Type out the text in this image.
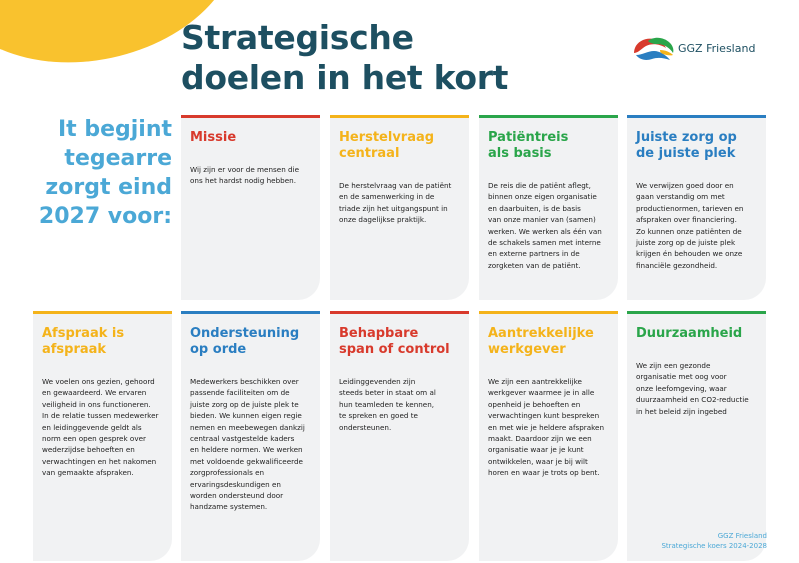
Strategische
doelen in het kort
GGZ Friesland
It begjint
tegearre
zorgt eind
2027 voor:
Missie
Wij zijn er voor de mensen die
ons het hardst nodig hebben.
Herstelvraag
centraal
De herstelvraag van de patiënt
en de samenwerking in de
triade zijn het uitgangspunt in
onze dagelijkse praktijk.
Patiëntreis
als basis
De reis die de patiënt aflegt,
binnen onze eigen organisatie
en daarbuiten, is de basis
van onze manier van (samen)
werken. We werken als één van
de schakels samen met interne
en externe partners in de
zorgketen van de patiënt.
Juiste zorg op
de juiste plek
We verwijzen goed door en
gaan verstandig om met
productienormen, tarieven en
afspraken over financiering.
Zo kunnen onze patiënten de
juiste zorg op de juiste plek
krijgen én behouden we onze
financiële gezondheid.
Afspraak is
afspraak
We voelen ons gezien, gehoord
en gewaardeerd. We ervaren
veiligheid in ons functioneren.
In de relatie tussen medewerker
en leidinggevende geldt als
norm een open gesprek over
wederzijdse behoeften en
verwachtingen en het nakomen
van gemaakte afspraken.
Ondersteuning
op orde
Medewerkers beschikken over
passende faciliteiten om de
juiste zorg op de juiste plek te
bieden. We kunnen eigen regie
nemen en meebewegen dankzij
centraal vastgestelde kaders
en heldere normen. We werken
met voldoende gekwalificeerde
zorgprofessionals en
ervaringsdeskundigen en
worden ondersteund door
handzame systemen.
Behapbare
span of control
Leidinggevenden zijn
steeds beter in staat om al
hun teamleden te kennen,
te spreken en goed te
ondersteunen.
Aantrekkelijke
werkgever
We zijn een aantrekkelijke
werkgever waarmee je in alle
openheid je behoeften en
verwachtingen kunt bespreken
en met wie je heldere afspraken
maakt. Daardoor zijn we een
organisatie waar je je kunt
ontwikkelen, waar je bij wilt
horen en waar je trots op bent.
Duurzaamheid
We zijn een gezonde
organisatie met oog voor
onze leefomgeving, waar
duurzaamheid en CO2-reductie
in het beleid zijn ingebed
GGZ Friesland
Strategische koers 2024-2028
